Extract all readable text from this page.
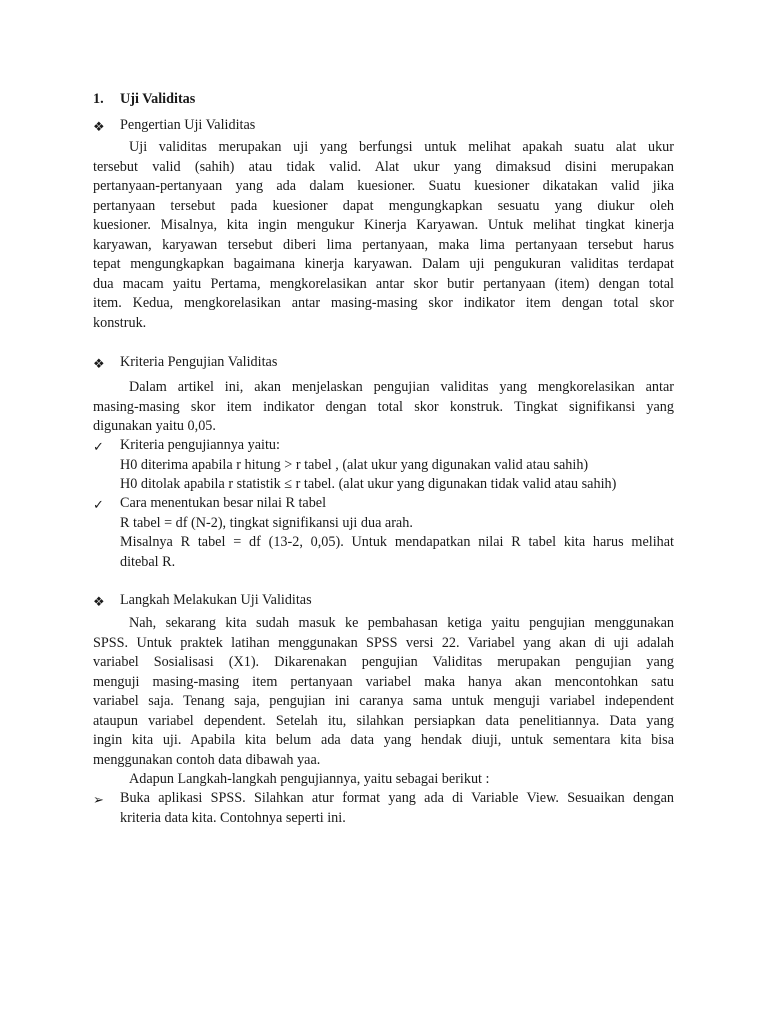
1. Uji Validitas
❖ Pengertian Uji Validitas
Uji validitas merupakan uji yang berfungsi untuk melihat apakah suatu alat ukur
tersebut valid (sahih) atau tidak valid. Alat ukur yang dimaksud disini merupakan
pertanyaan-pertanyaan yang ada dalam kuesioner. Suatu kuesioner dikatakan valid jika
pertanyaan tersebut pada kuesioner dapat mengungkapkan sesuatu yang diukur oleh
kuesioner. Misalnya, kita ingin mengukur Kinerja Karyawan. Untuk melihat tingkat kinerja
karyawan, karyawan tersebut diberi lima pertanyaan, maka lima pertanyaan tersebut harus
tepat mengungkapkan bagaimana kinerja karyawan. Dalam uji pengukuran validitas terdapat
dua macam yaitu Pertama, mengkorelasikan antar skor butir pertanyaan (item) dengan total
item. Kedua, mengkorelasikan antar masing-masing skor indikator item dengan total skor
konstruk.
❖ Kriteria Pengujian Validitas
Dalam artikel ini, akan menjelaskan pengujian validitas yang mengkorelasikan antar
masing-masing skor item indikator dengan total skor konstruk. Tingkat signifikansi yang
digunakan yaitu 0,05.
✓ Kriteria pengujiannya yaitu:
H0 diterima apabila r hitung > r tabel , (alat ukur yang digunakan valid atau sahih)
H0 ditolak apabila r statistik ≤ r tabel. (alat ukur yang digunakan tidak valid atau sahih)
✓ Cara menentukan besar nilai R tabel
R tabel = df (N-2), tingkat signifikansi uji dua arah.
Misalnya R tabel = df (13-2, 0,05). Untuk mendapatkan nilai R tabel kita harus melihat
ditebal R.
❖ Langkah Melakukan Uji Validitas
Nah, sekarang kita sudah masuk ke pembahasan ketiga yaitu pengujian menggunakan
SPSS. Untuk praktek latihan menggunakan SPSS versi 22. Variabel yang akan di uji adalah
variabel Sosialisasi (X1). Dikarenakan pengujian Validitas merupakan pengujian yang
menguji masing-masing item pertanyaan variabel maka hanya akan mencontohkan satu
variabel saja. Tenang saja, pengujian ini caranya sama untuk menguji variabel independent
ataupun variabel dependent. Setelah itu, silahkan persiapkan data penelitiannya. Data yang
ingin kita uji. Apabila kita belum ada data yang hendak diuji, untuk sementara kita bisa
menggunakan contoh data dibawah yaa.
Adapun Langkah-langkah pengujiannya, yaitu sebagai berikut :
➢ Buka aplikasi SPSS. Silahkan atur format yang ada di Variable View. Sesuaikan dengan
kriteria data kita. Contohnya seperti ini.
